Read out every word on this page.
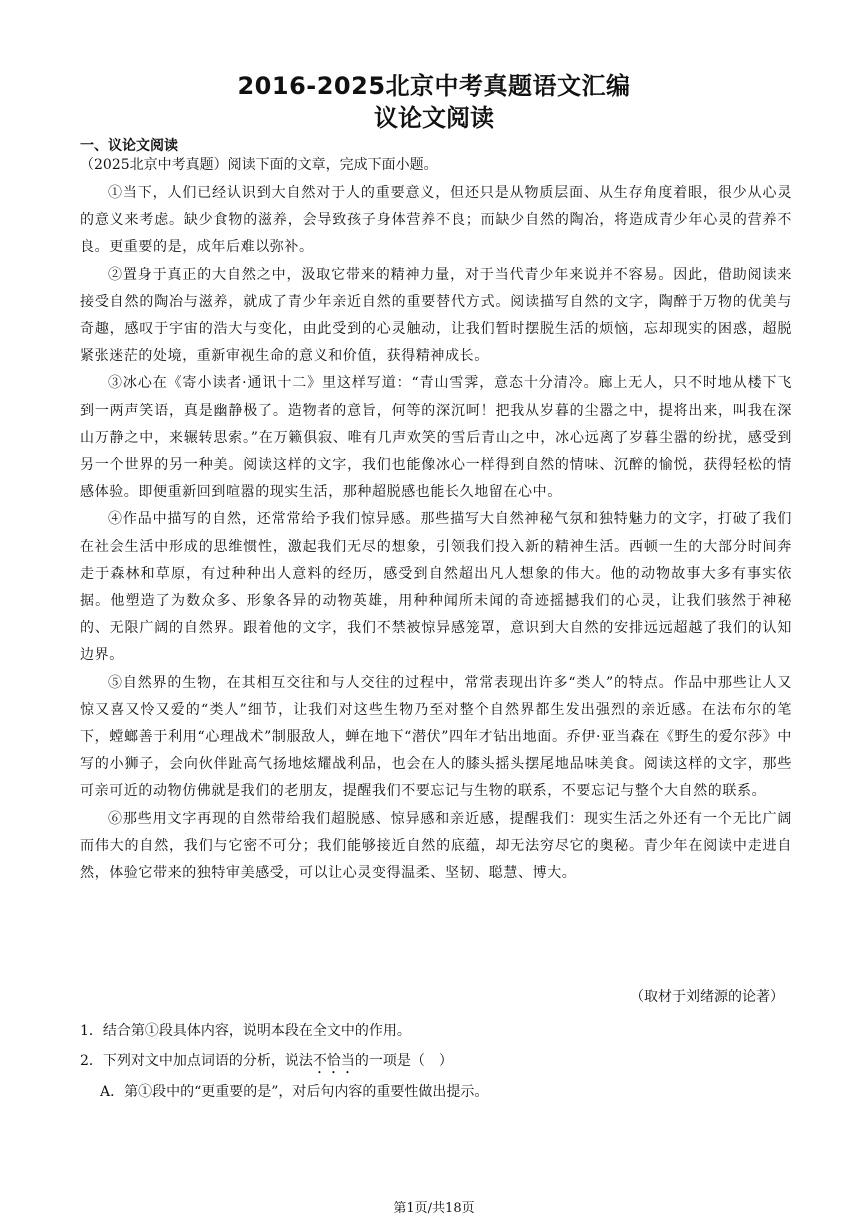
2016-2025北京中考真题语文汇编
议论文阅读
一、议论文阅读
（2025北京中考真题）阅读下面的文章，完成下面小题。

①当下，人们已经认识到大自然对于人的重要意义，但还只是从物质层面、从生存角度着眼，很少从心灵的意义来考虑。缺少食物的滋养，会导致孩子身体营养不良；而缺少自然的陶冶，将造成青少年心灵的营养不良。更重要的是，成年后难以弥补。

②置身于真正的大自然之中，汲取它带来的精神力量，对于当代青少年来说并不容易。因此，借助阅读来接受自然的陶冶与滋养，就成了青少年亲近自然的重要替代方式。阅读描写自然的文字，陶醉于万物的优美与奇趣，感叹于宇宙的浩大与变化，由此受到的心灵触动，让我们暂时摆脱生活的烦恼，忘却现实的困惑，超脱紧张迷茫的处境，重新审视生命的意义和价值，获得精神成长。

③冰心在《寄小读者·通讯十二》里这样写道：“青山雪霁，意态十分清冷。廊上无人，只不时地从楼下飞到一两声笑语，真是幽静极了。造物者的意旨，何等的深沉呵！把我从岁暮的尘嚣之中，提将出来，叫我在深山万静之中，来辗转思索。”在万籁俱寂、唯有几声欢笑的雪后青山之中，冰心远离了岁暮尘嚣的纷扰，感受到另一个世界的另一种美。阅读这样的文字，我们也能像冰心一样得到自然的情味、沉醉的愉悦，获得轻松的情感体验。即便重新回到喧嚣的现实生活，那种超脱感也能长久地留在心中。

④作品中描写的自然，还常常给予我们惊异感。那些描写大自然神秘气氛和独特魅力的文字，打破了我们在社会生活中形成的思维惯性，激起我们无尽的想象，引领我们投入新的精神生活。西顿一生的大部分时间奔走于森林和草原，有过种种出人意料的经历，感受到自然超出凡人想象的伟大。他的动物故事大多有事实依据。他塑造了为数众多、形象各异的动物英雄，用种种闻所未闻的奇迹摇撼我们的心灵，让我们骇然于神秘的、无限广阔的自然界。跟着他的文字，我们不禁被惊异感笼罩，意识到大自然的安排远远超越了我们的认知边界。

⑤自然界的生物，在其相互交往和与人交往的过程中，常常表现出许多“类人”的特点。作品中那些让人又惊又喜又怜又爱的“类人”细节，让我们对这些生物乃至对整个自然界都生发出强烈的亲近感。在法布尔的笔下，螳螂善于利用“心理战术”制服敌人，蝉在地下“潜伏”四年才钻出地面。乔伊·亚当森在《野生的爱尔莎》中写的小狮子，会向伙伴趾高气扬地炫耀战利品，也会在人的膝头摇头摆尾地品味美食。阅读这样的文字，那些可亲可近的动物仿佛就是我们的老朋友，提醒我们不要忘记与生物的联系，不要忘记与整个大自然的联系。

⑥那些用文字再现的自然带给我们超脱感、惊异感和亲近感，提醒我们：现实生活之外还有一个无比广阔而伟大的自然，我们与它密不可分；我们能够接近自然的底蕴，却无法穷尽它的奥秘。青少年在阅读中走进自然，体验它带来的独特审美感受，可以让心灵变得温柔、坚韧、聪慧、博大。

（取材于刘绪源的论著）

1．结合第①段具体内容，说明本段在全文中的作用。

2．下列对文中加点词语的分析，说法不恰当的一项是（　）

A．第①段中的“更重要的是”，对后句内容的重要性做出提示。

第1页/共18页
